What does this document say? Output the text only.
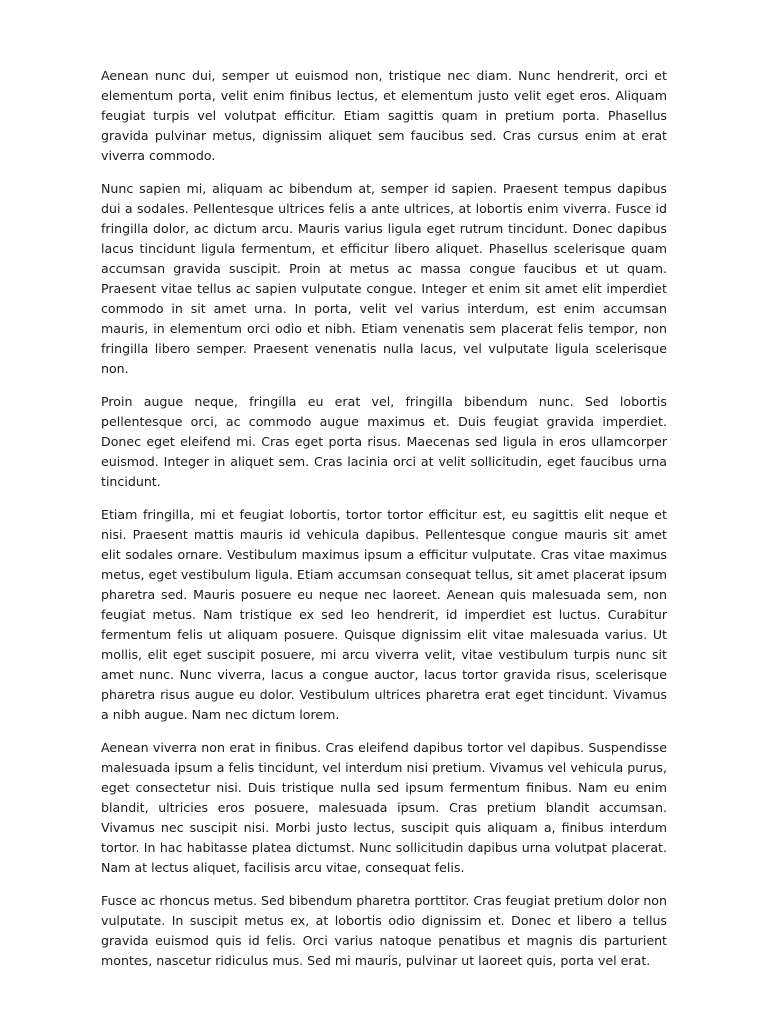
Aenean nunc dui, semper ut euismod non, tristique nec diam. Nunc hendrerit, orci et elementum porta, velit enim finibus lectus, et elementum justo velit eget eros. Aliquam feugiat turpis vel volutpat efficitur. Etiam sagittis quam in pretium porta. Phasellus gravida pulvinar metus, dignissim aliquet sem faucibus sed. Cras cursus enim at erat viverra commodo.

Nunc sapien mi, aliquam ac bibendum at, semper id sapien. Praesent tempus dapibus dui a sodales. Pellentesque ultrices felis a ante ultrices, at lobortis enim viverra. Fusce id fringilla dolor, ac dictum arcu. Mauris varius ligula eget rutrum tincidunt. Donec dapibus lacus tincidunt ligula fermentum, et efficitur libero aliquet. Phasellus scelerisque quam accumsan gravida suscipit. Proin at metus ac massa congue faucibus et ut quam. Praesent vitae tellus ac sapien vulputate congue. Integer et enim sit amet elit imperdiet commodo in sit amet urna. In porta, velit vel varius interdum, est enim accumsan mauris, in elementum orci odio et nibh. Etiam venenatis sem placerat felis tempor, non fringilla libero semper. Praesent venenatis nulla lacus, vel vulputate ligula scelerisque non.

Proin augue neque, fringilla eu erat vel, fringilla bibendum nunc. Sed lobortis pellentesque orci, ac commodo augue maximus et. Duis feugiat gravida imperdiet. Donec eget eleifend mi. Cras eget porta risus. Maecenas sed ligula in eros ullamcorper euismod. Integer in aliquet sem. Cras lacinia orci at velit sollicitudin, eget faucibus urna tincidunt.

Etiam fringilla, mi et feugiat lobortis, tortor tortor efficitur est, eu sagittis elit neque et nisi. Praesent mattis mauris id vehicula dapibus. Pellentesque congue mauris sit amet elit sodales ornare. Vestibulum maximus ipsum a efficitur vulputate. Cras vitae maximus metus, eget vestibulum ligula. Etiam accumsan consequat tellus, sit amet placerat ipsum pharetra sed. Mauris posuere eu neque nec laoreet. Aenean quis malesuada sem, non feugiat metus. Nam tristique ex sed leo hendrerit, id imperdiet est luctus. Curabitur fermentum felis ut aliquam posuere. Quisque dignissim elit vitae malesuada varius. Ut mollis, elit eget suscipit posuere, mi arcu viverra velit, vitae vestibulum turpis nunc sit amet nunc. Nunc viverra, lacus a congue auctor, lacus tortor gravida risus, scelerisque pharetra risus augue eu dolor. Vestibulum ultrices pharetra erat eget tincidunt. Vivamus a nibh augue. Nam nec dictum lorem.

Aenean viverra non erat in finibus. Cras eleifend dapibus tortor vel dapibus. Suspendisse malesuada ipsum a felis tincidunt, vel interdum nisi pretium. Vivamus vel vehicula purus, eget consectetur nisi. Duis tristique nulla sed ipsum fermentum finibus. Nam eu enim blandit, ultricies eros posuere, malesuada ipsum. Cras pretium blandit accumsan. Vivamus nec suscipit nisi. Morbi justo lectus, suscipit quis aliquam a, finibus interdum tortor. In hac habitasse platea dictumst. Nunc sollicitudin dapibus urna volutpat placerat. Nam at lectus aliquet, facilisis arcu vitae, consequat felis.

Fusce ac rhoncus metus. Sed bibendum pharetra porttitor. Cras feugiat pretium dolor non vulputate. In suscipit metus ex, at lobortis odio dignissim et. Donec et libero a tellus gravida euismod quis id felis. Orci varius natoque penatibus et magnis dis parturient montes, nascetur ridiculus mus. Sed mi mauris, pulvinar ut laoreet quis, porta vel erat.
